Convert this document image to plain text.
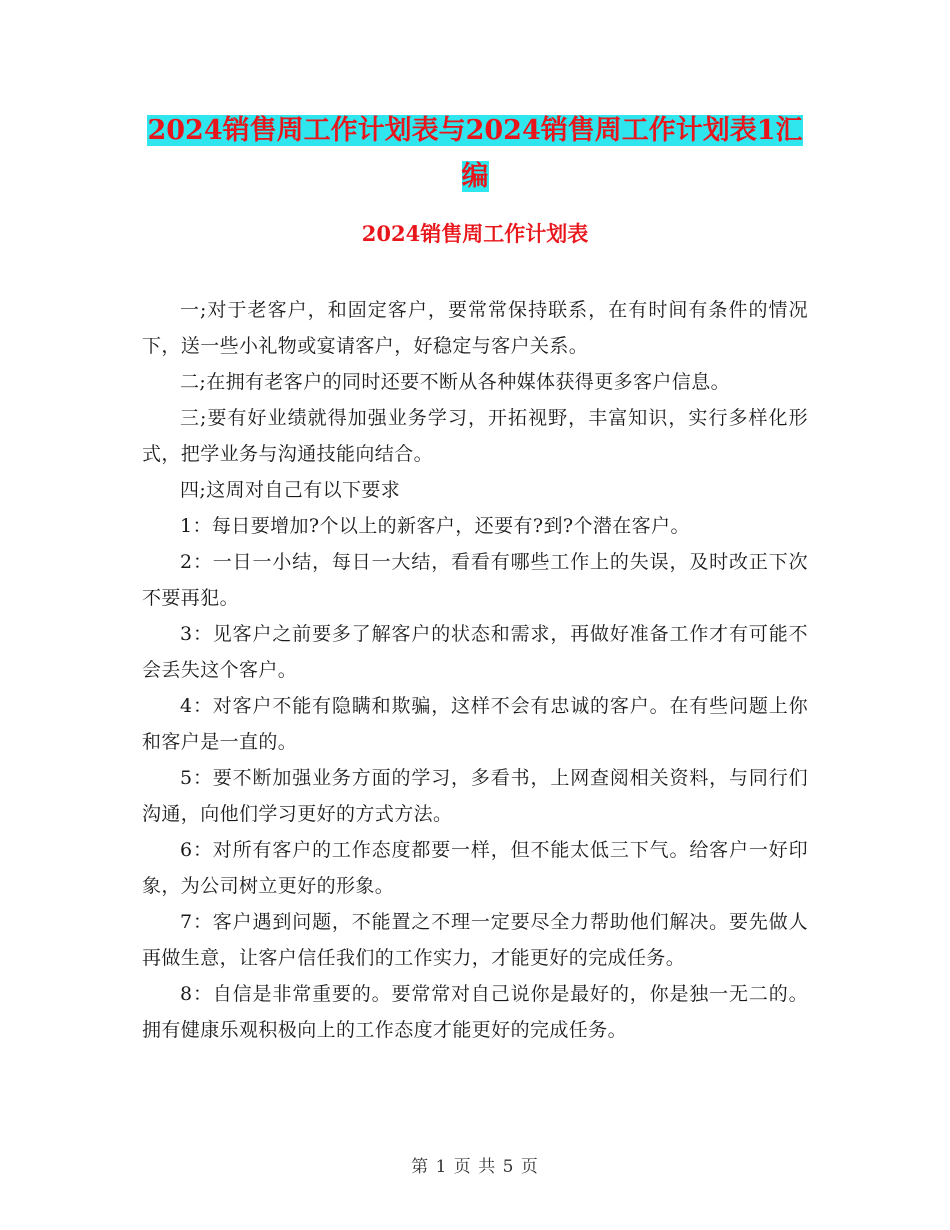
2024销售周工作计划表与2024销售周工作计划表1汇编
2024销售周工作计划表

一;对于老客户，和固定客户，要常常保持联系，在有时间有条件的情况下，送一些小礼物或宴请客户，好稳定与客户关系。

二;在拥有老客户的同时还要不断从各种媒体获得更多客户信息。

三;要有好业绩就得加强业务学习，开拓视野，丰富知识，实行多样化形式，把学业务与沟通技能向结合。

四;这周对自己有以下要求

1：每日要增加?个以上的新客户，还要有?到?个潜在客户。

2：一日一小结，每日一大结，看看有哪些工作上的失误，及时改正下次不要再犯。

3：见客户之前要多了解客户的状态和需求，再做好准备工作才有可能不会丢失这个客户。

4：对客户不能有隐瞒和欺骗，这样不会有忠诚的客户。在有些问题上你和客户是一直的。

5：要不断加强业务方面的学习，多看书，上网查阅相关资料，与同行们沟通，向他们学习更好的方式方法。

6：对所有客户的工作态度都要一样，但不能太低三下气。给客户一好印象，为公司树立更好的形象。

7：客户遇到问题，不能置之不理一定要尽全力帮助他们解决。要先做人再做生意，让客户信任我们的工作实力，才能更好的完成任务。

8：自信是非常重要的。要常常对自己说你是最好的，你是独一无二的。拥有健康乐观积极向上的工作态度才能更好的完成任务。

第 1 页 共 5 页
